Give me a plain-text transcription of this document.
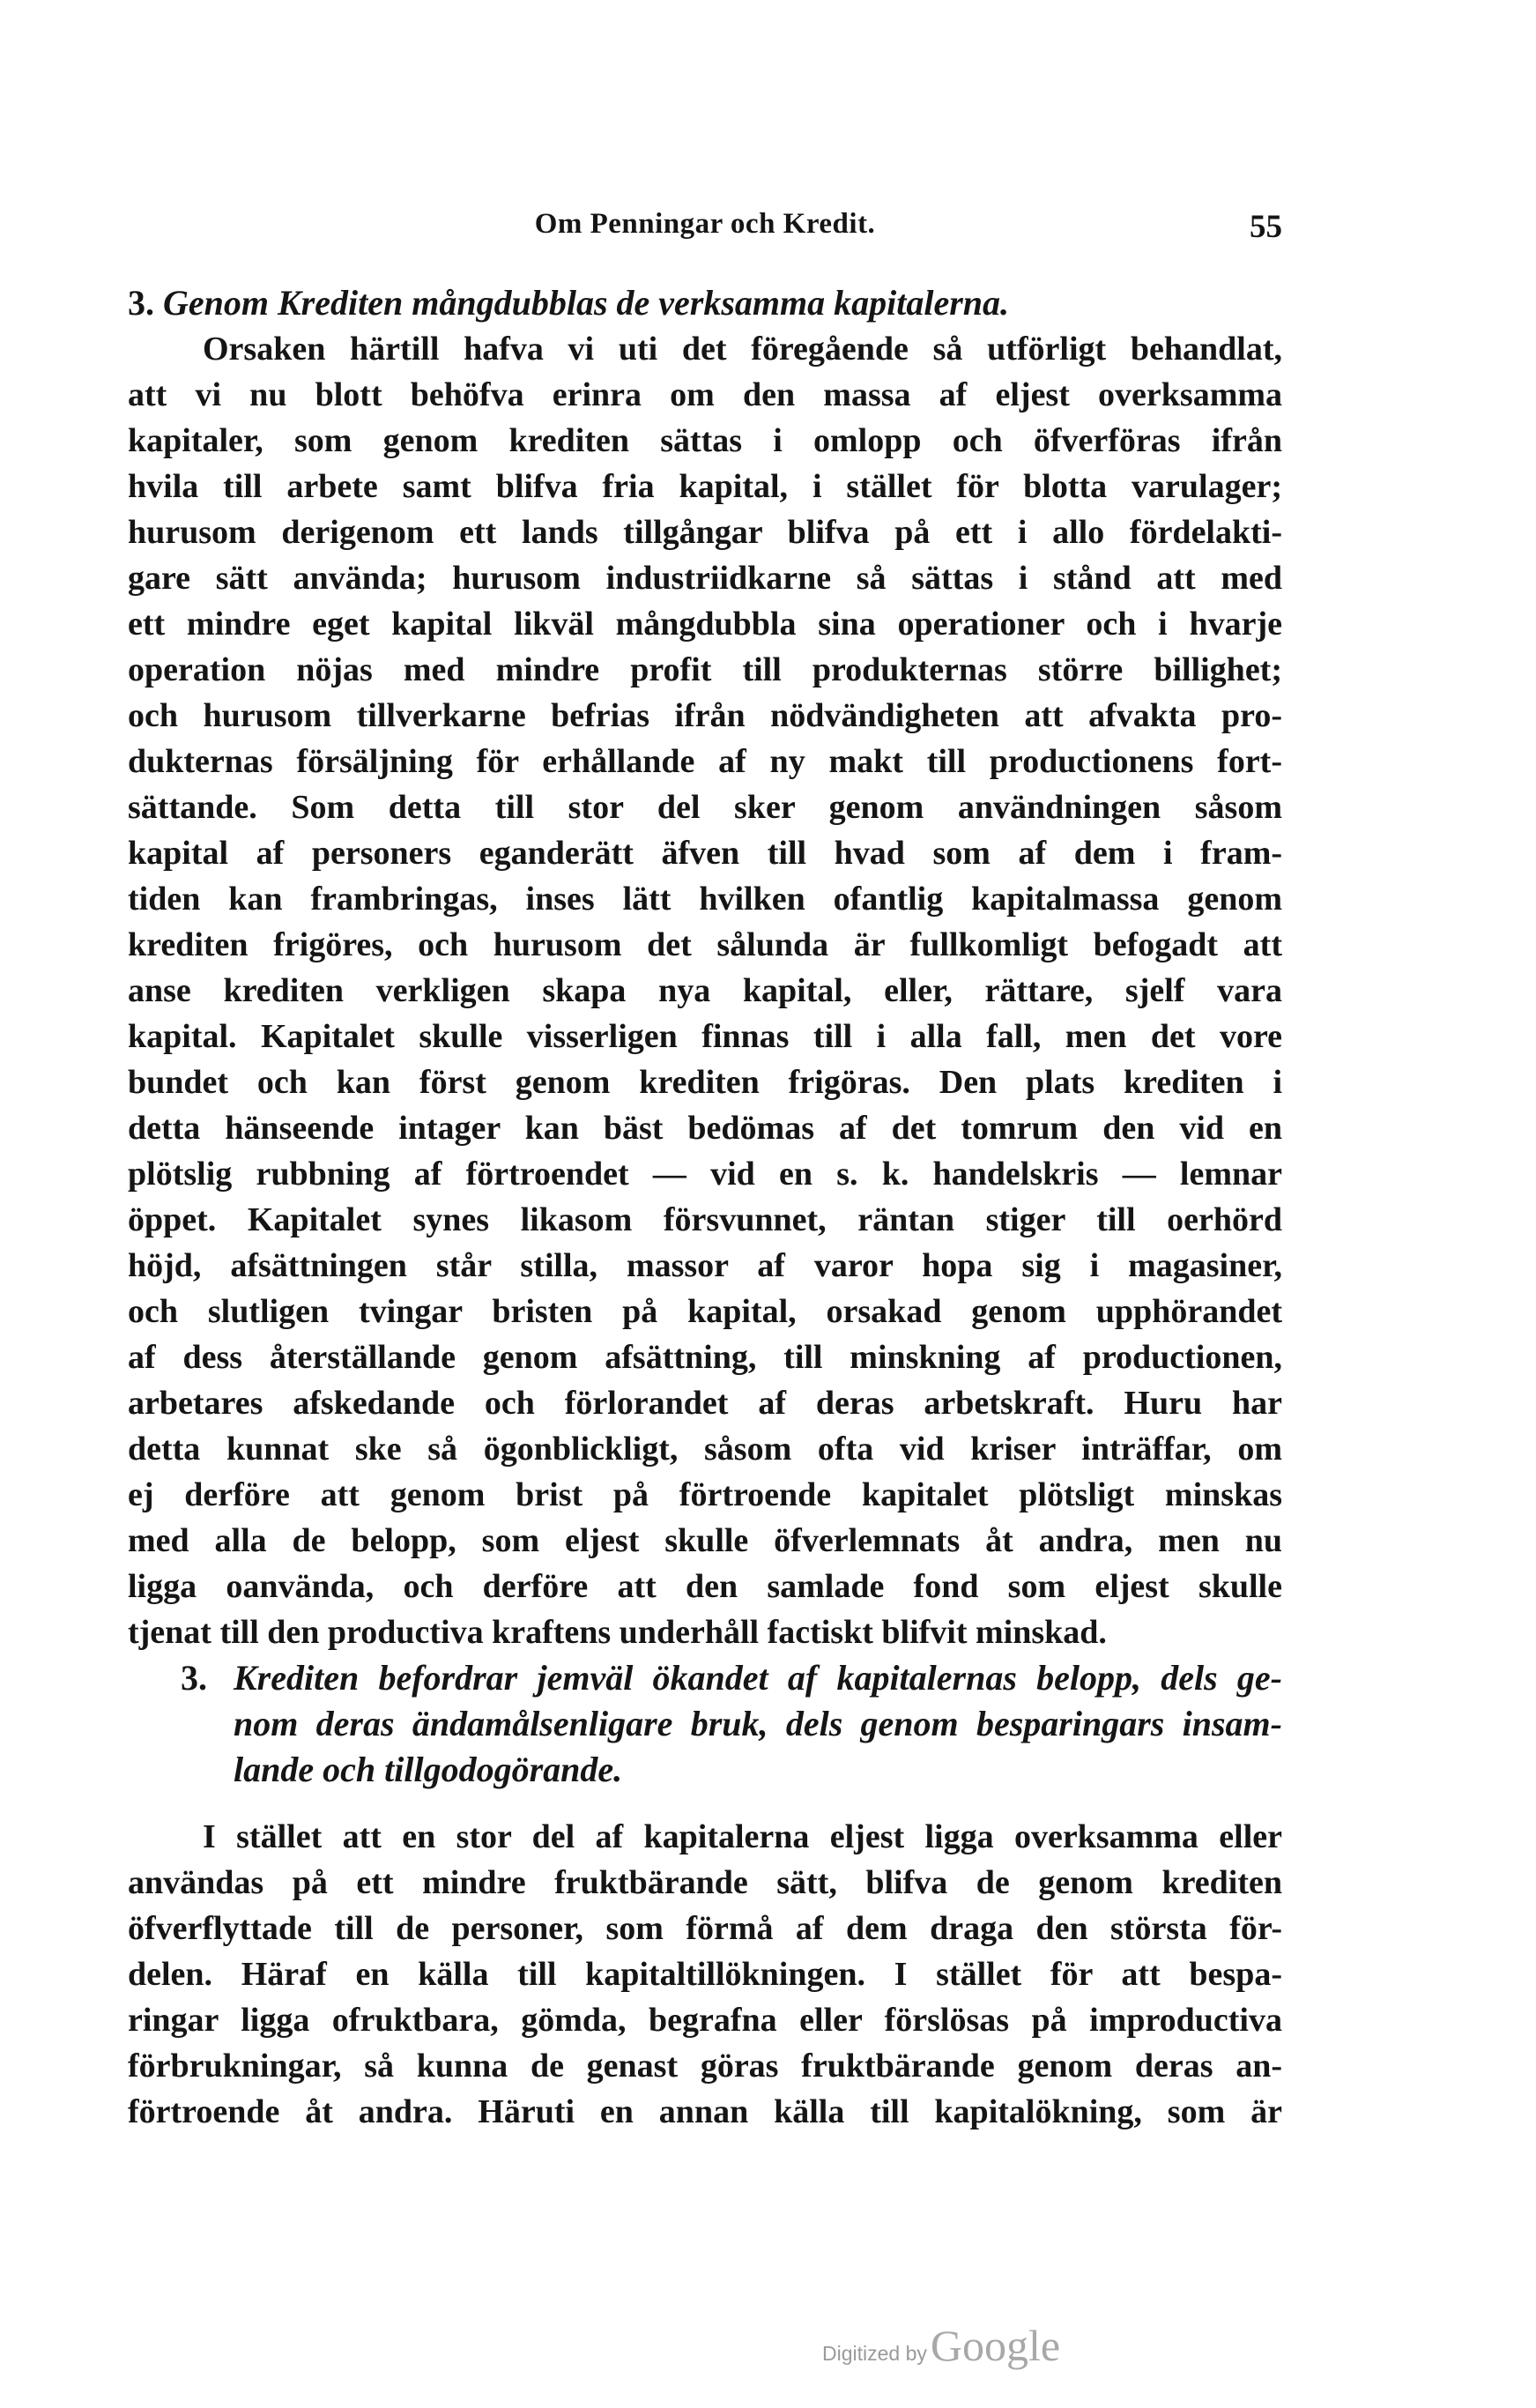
Om Penningar och Kredit.	55
3. Genom Krediten mångdubblas de verksamma kapitalerna.
Orsaken härtill hafva vi uti det föregående så utförligt behandlat,
att vi nu blott behöfva erinra om den massa af eljest overksamma
kapitaler, som genom krediten sättas i omlopp och öfverföras ifrån
hvila till arbete samt blifva fria kapital, i stället för blotta varulager;
hurusom derigenom ett lands tillgångar blifva på ett i allo fördelakti-
gare sätt använda; hurusom industriidkarne så sättas i stånd att med
ett mindre eget kapital likväl mångdubbla sina operationer och i hvarje
operation nöjas med mindre profit till produkternas större billighet;
och hurusom tillverkarne befrias ifrån nödvändigheten att afvakta pro-
dukternas försäljning för erhållande af ny makt till productionens fort-
sättande. Som detta till stor del sker genom användningen såsom
kapital af personers eganderätt äfven till hvad som af dem i fram-
tiden kan frambringas, inses lätt hvilken ofantlig kapitalmassa genom
krediten frigöres, och hurusom det sålunda är fullkomligt befogadt att
anse krediten verkligen skapa nya kapital, eller, rättare, sjelf vara
kapital. Kapitalet skulle visserligen finnas till i alla fall, men det vore
bundet och kan först genom krediten frigöras. Den plats krediten i
detta hänseende intager kan bäst bedömas af det tomrum den vid en
plötslig rubbning af förtroendet — vid en s. k. handelskris — lemnar
öppet. Kapitalet synes likasom försvunnet, räntan stiger till oerhörd
höjd, afsättningen står stilla, massor af varor hopa sig i magasiner,
och slutligen tvingar bristen på kapital, orsakad genom upphörandet
af dess återställande genom afsättning, till minskning af productionen,
arbetares afskedande och förlorandet af deras arbetskraft. Huru har
detta kunnat ske så ögonblickligt, såsom ofta vid kriser inträffar, om
ej derföre att genom brist på förtroende kapitalet plötsligt minskas
med alla de belopp, som eljest skulle öfverlemnats åt andra, men nu
ligga oanvända, och derföre att den samlade fond som eljest skulle
tjenat till den productiva kraftens underhåll factiskt blifvit minskad.
3. Krediten befordrar jemväl ökandet af kapitalernas belopp, dels ge-
nom deras ändamålsenligare bruk, dels genom besparingars insam-
lande och tillgodogörande.
I stället att en stor del af kapitalerna eljest ligga overksamma eller
användas på ett mindre fruktbärande sätt, blifva de genom krediten
öfverflyttade till de personer, som förmå af dem draga den största för-
delen. Häraf en källa till kapitaltillökningen. I stället för att bespa-
ringar ligga ofruktbara, gömda, begrafna eller förslösas på improductiva
förbrukningar, så kunna de genast göras fruktbärande genom deras an-
förtroende åt andra. Häruti en annan källa till kapitalökning, som är
Digitized by Google
